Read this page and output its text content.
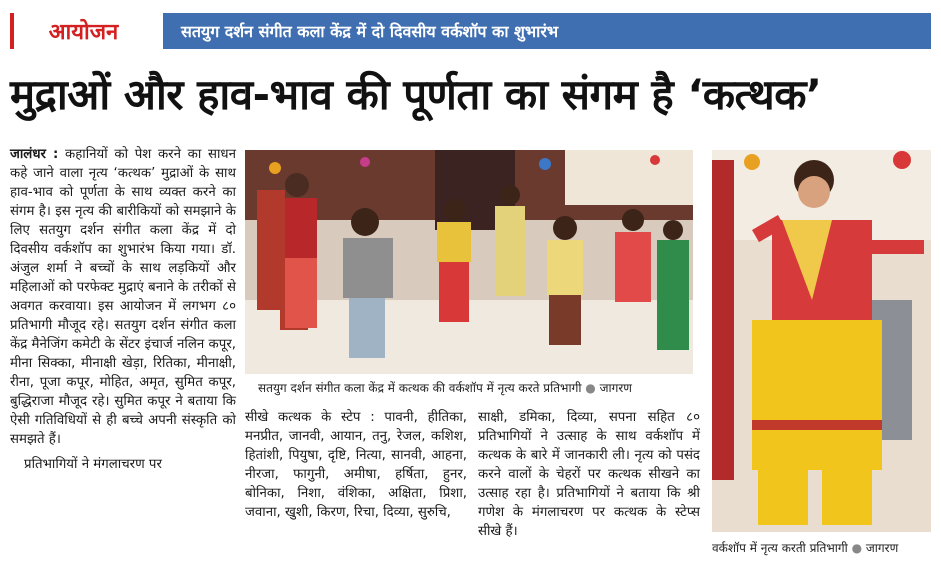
आयोजन	सतयुग दर्शन संगीत कला केंद्र में दो दिवसीय वर्कशॉप का शुभारंभ
मुद्राओं और हाव-भाव की पूर्णता का संगम है ‘कत्थक’

जालंधर : कहानियों को पेश करने का साधन कहे जाने वाला नृत्य ‘कत्थक’ मुद्राओं के साथ हाव-भाव को पूर्णता के साथ व्यक्त करने का संगम है। इस नृत्य की बारीकियों को समझाने के लिए सतयुग दर्शन संगीत कला केंद्र में दो दिवसीय वर्कशॉप का शुभारंभ किया गया। डॉ. अंजुल शर्मा ने बच्चों के साथ लड़कियों और महिलाओं को परफेक्ट मुद्राएं बनाने के तरीकों से अवगत करवाया। इस आयोजन में लगभग ८० प्रतिभागी मौजूद रहे। सतयुग दर्शन संगीत कला केंद्र मैनेजिंग कमेटी के सेंटर इंचार्ज नलिन कपूर, मीना सिक्का, मीनाक्षी खेड़ा, रितिका, मीनाक्षी, रीना, पूजा कपूर, मोहित, अमृत, सुमित कपूर, बुद्धिराजा मौजूद रहे। सुमित कपूर ने बताया कि ऐसी गतिविधियों से ही बच्चे अपनी संस्कृति को समझते हैं।

प्रतिभागियों ने मंगलाचरण पर

सतयुग दर्शन संगीत कला केंद्र में कत्थक की वर्कशॉप में नृत्य करते प्रतिभागी ● जागरण
वर्कशॉप में नृत्य करती प्रतिभागी ● जागरण
सीखे कत्थक के स्टेप : पावनी, हीतिका, मनप्रीत, जानवी, आयान, तनु, रेजल, कशिश, हितांशी, पियुषा, दृष्टि, नित्या, सानवी, आहना, नीरजा, फागुनी, अमीषा, हर्षिता, हुनर, बोनिका, निशा, वंशिका, अक्षिता, प्रिशा, जवाना, खुशी, किरण, रिचा, दिव्या, सुरुचि,
साक्षी, डमिका, दिव्या, सपना सहित ८० प्रतिभागियों ने उत्साह के साथ वर्कशॉप में कत्थक के बारे में जानकारी ली। नृत्य को पसंद करने वालों के चेहरों पर कत्थक सीखने का उत्साह रहा है। प्रतिभागियों ने बताया कि श्री गणेश के मंगलाचरण पर कत्थक के स्टेप्स सीखे हैं।
